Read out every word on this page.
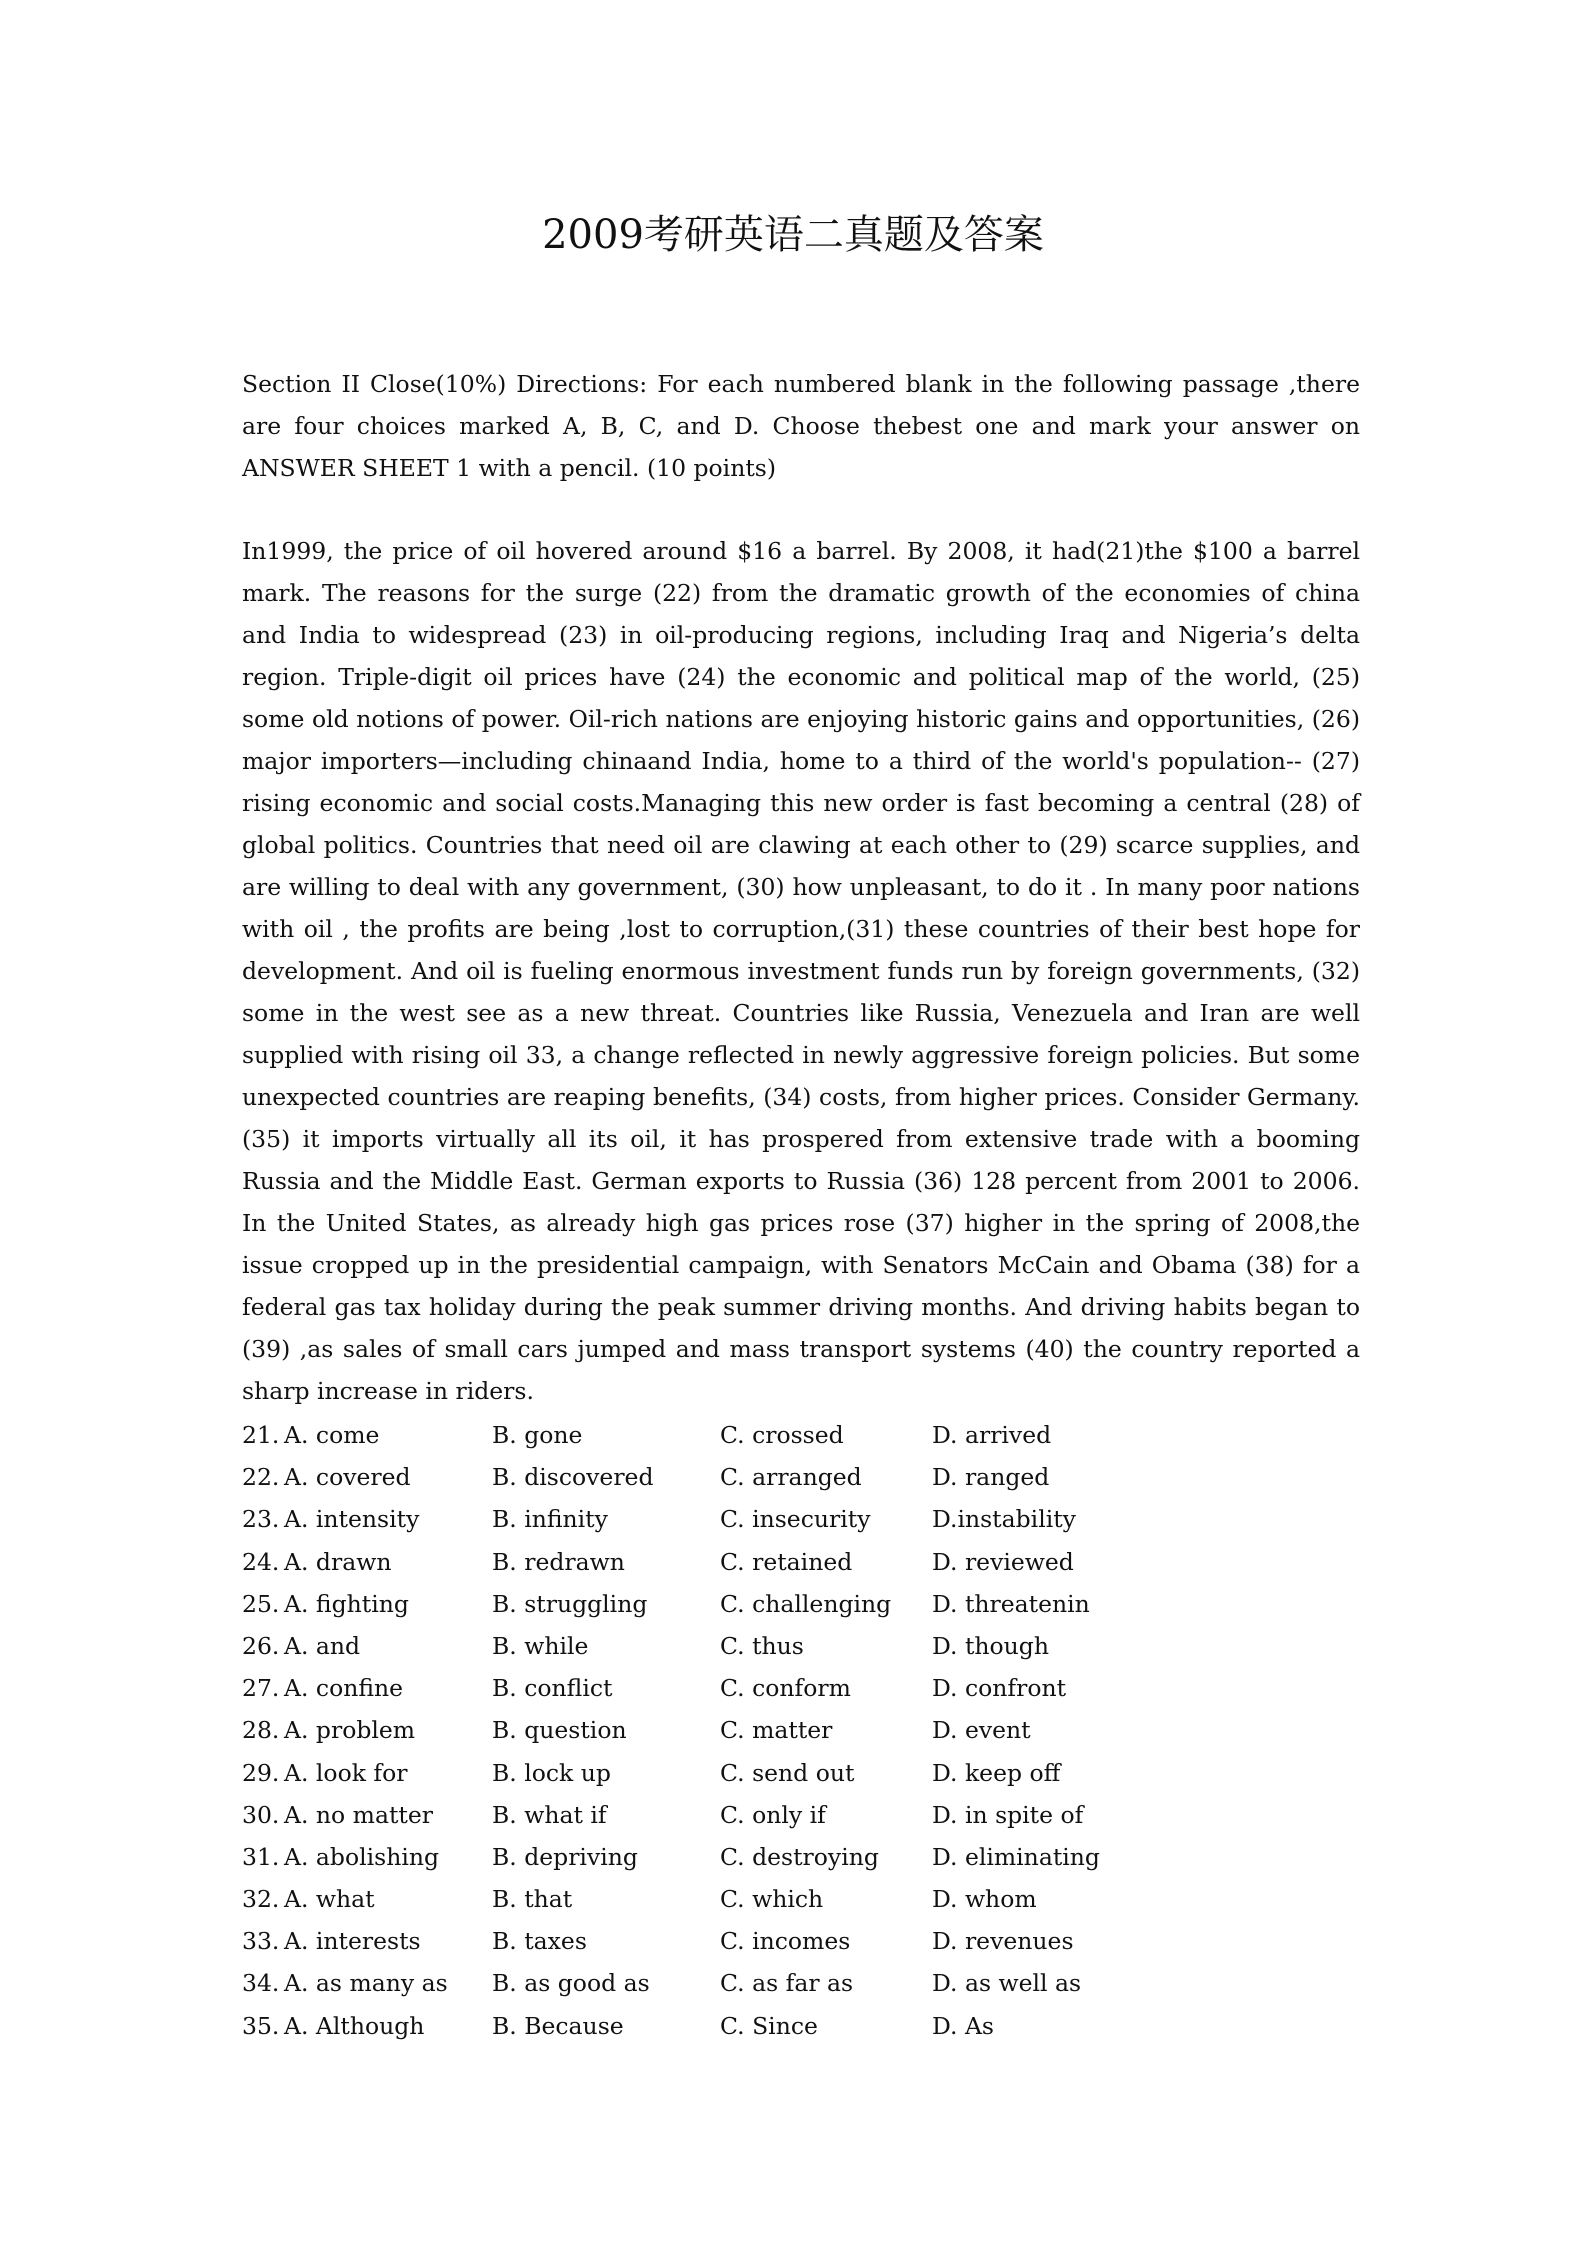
2009考研英语二真题及答案

Section II Close(10%) Directions: For each numbered blank in the following passage ,there are four choices marked A, B, C, and D. Choose thebest one and mark your answer on ANSWER SHEET 1 with a pencil. (10 points)

In1999, the price of oil hovered around $16 a barrel. By 2008, it had(21)the $100 a barrel mark. The reasons for the surge (22) from the dramatic growth of the economies of china and India to widespread (23) in oil-producing regions, including Iraq and Nigeria’s delta region. Triple-digit oil prices have (24) the economic and political map of the world, (25) some old notions of power. Oil-rich nations are enjoying historic gains and opportunities, (26) major importers—including chinaand India, home to a third of the world's population-- (27) rising economic and social costs.Managing this new order is fast becoming a central (28) of global politics. Countries that need oil are clawing at each other to (29) scarce supplies, and are willing to deal with any government, (30) how unpleasant, to do it . In many poor nations with oil , the profits are being ,lost to corruption,(31) these countries of their best hope for development. And oil is fueling enormous investment funds run by foreign governments, (32) some in the west see as a new threat. Countries like Russia, Venezuela and Iran are well supplied with rising oil 33, a change reflected in newly aggressive foreign policies. But some unexpected countries are reaping benefits, (34) costs, from higher prices. Consider Germany. (35) it imports virtually all its oil, it has prospered from extensive trade with a booming Russia and the Middle East. German exports to Russia (36) 128 percent from 2001 to 2006. In the United States, as already high gas prices rose (37) higher in the spring of 2008,the issue cropped up in the presidential campaign, with Senators McCain and Obama (38) for a federal gas tax holiday during the peak summer driving months. And driving habits began to (39) ,as sales of small cars jumped and mass transport systems (40) the country reported a sharp increase in riders.

21. A. come	B. gone	C. crossed	D. arrived
22. A. covered	B. discovered	C. arranged	D. ranged
23. A. intensity	B. infinity	C. insecurity	D.instability
24. A. drawn	B. redrawn	C. retained	D. reviewed
25. A. fighting	B. struggling	C. challenging D. threatenin
26. A. and	B. while	C. thus	D. though
27. A. confine	B. conflict	C. conform	D. confront
28. A. problem	B. question	C. matter	D. event
29. A. look for	B. lock up	C. send out	D. keep off
30. A. no matter	B. what if	C. only if	D. in spite of
31. A. abolishing B. depriving	C. destroying D. eliminating
32. A. what	B. that	C. which	D. whom
33. A. interests	B. taxes	C. incomes	D. revenues
34. A. as many as B. as good as	C. as far as	D. as well as
35. A. Although	B. Because	C. Since	D. As
